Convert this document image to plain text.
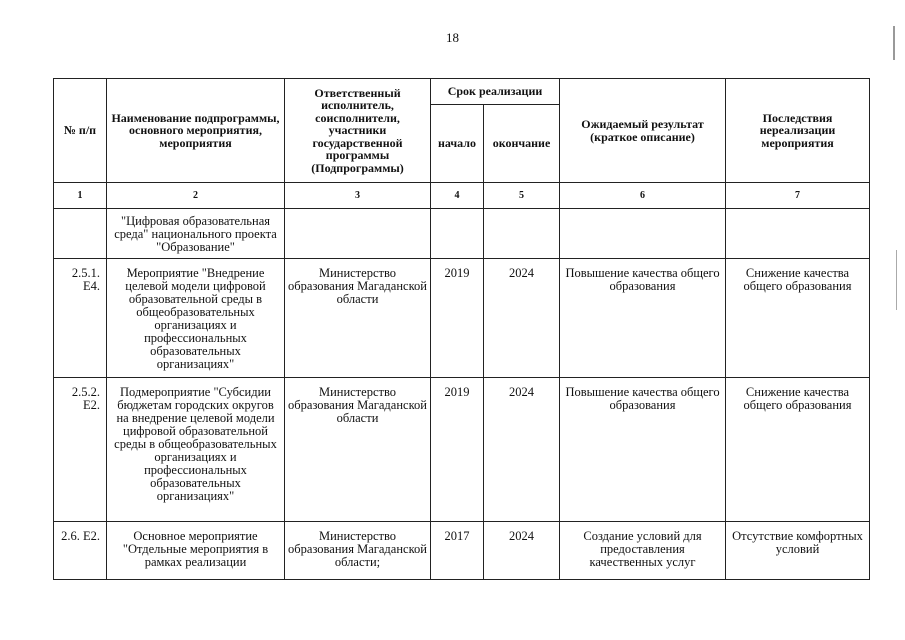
18
№ п/п	Наименование подпрограммы, основного мероприятия, мероприятия	Ответственный исполнитель, соисполнители, участники государственной программы (Подпрограммы)	Срок реализации		Ожидаемый результат (краткое описание)	Последствия нереализации мероприятия
			начало	окончание		
1	2	3	4	5	6	7
	"Цифровая образовательная среда" национального проекта "Образование"					
2.5.1. Е4.	Мероприятие "Внедрение целевой модели цифровой образовательной среды в общеобразовательных организациях и профессиональных образовательных организациях"	Министерство образования Магаданской области	2019	2024	Повышение качества общего образования	Снижение качества общего образования
2.5.2. Е2.	Подмероприятие "Субсидии бюджетам городских округов на внедрение целевой модели цифровой образовательной среды в общеобразовательных организациях и профессиональных образовательных организациях"	Министерство образования Магаданской области	2019	2024	Повышение качества общего образования	Снижение качества общего образования
2.6. Е2.	Основное мероприятие "Отдельные мероприятия в рамках реализации	Министерство образования Магаданской области;	2017	2024	Создание условий для предоставления качественных услуг	Отсутствие комфортных условий
